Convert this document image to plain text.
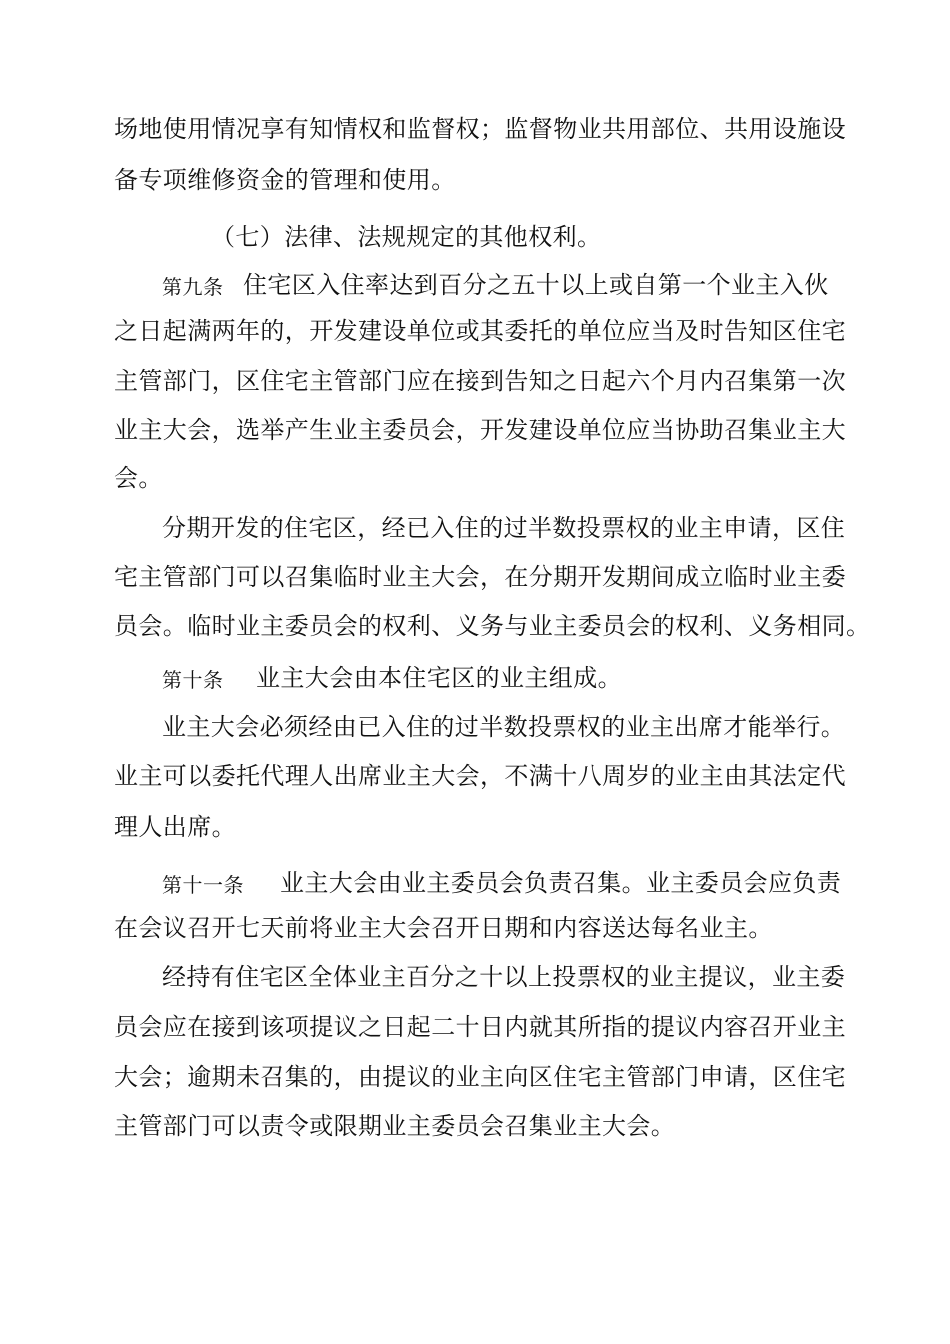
场地使用情况享有知情权和监督权；监督物业共用部位、共用设施设
备专项维修资金的管理和使用。
（七）法律、法规规定的其他权利。
第九条 住宅区入住率达到百分之五十以上或自第一个业主入伙
之日起满两年的，开发建设单位或其委托的单位应当及时告知区住宅
主管部门，区住宅主管部门应在接到告知之日起六个月内召集第一次
业主大会，选举产生业主委员会，开发建设单位应当协助召集业主大
会。
分期开发的住宅区，经已入住的过半数投票权的业主申请，区住
宅主管部门可以召集临时业主大会，在分期开发期间成立临时业主委
员会。临时业主委员会的权利、义务与业主委员会的权利、义务相同。
第十条 业主大会由本住宅区的业主组成。
业主大会必须经由已入住的过半数投票权的业主出席才能举行。
业主可以委托代理人出席业主大会，不满十八周岁的业主由其法定代
理人出席。
第十一条 业主大会由业主委员会负责召集。业主委员会应负责
在会议召开七天前将业主大会召开日期和内容送达每名业主。
经持有住宅区全体业主百分之十以上投票权的业主提议，业主委
员会应在接到该项提议之日起二十日内就其所指的提议内容召开业主
大会；逾期未召集的，由提议的业主向区住宅主管部门申请，区住宅
主管部门可以责令或限期业主委员会召集业主大会。
